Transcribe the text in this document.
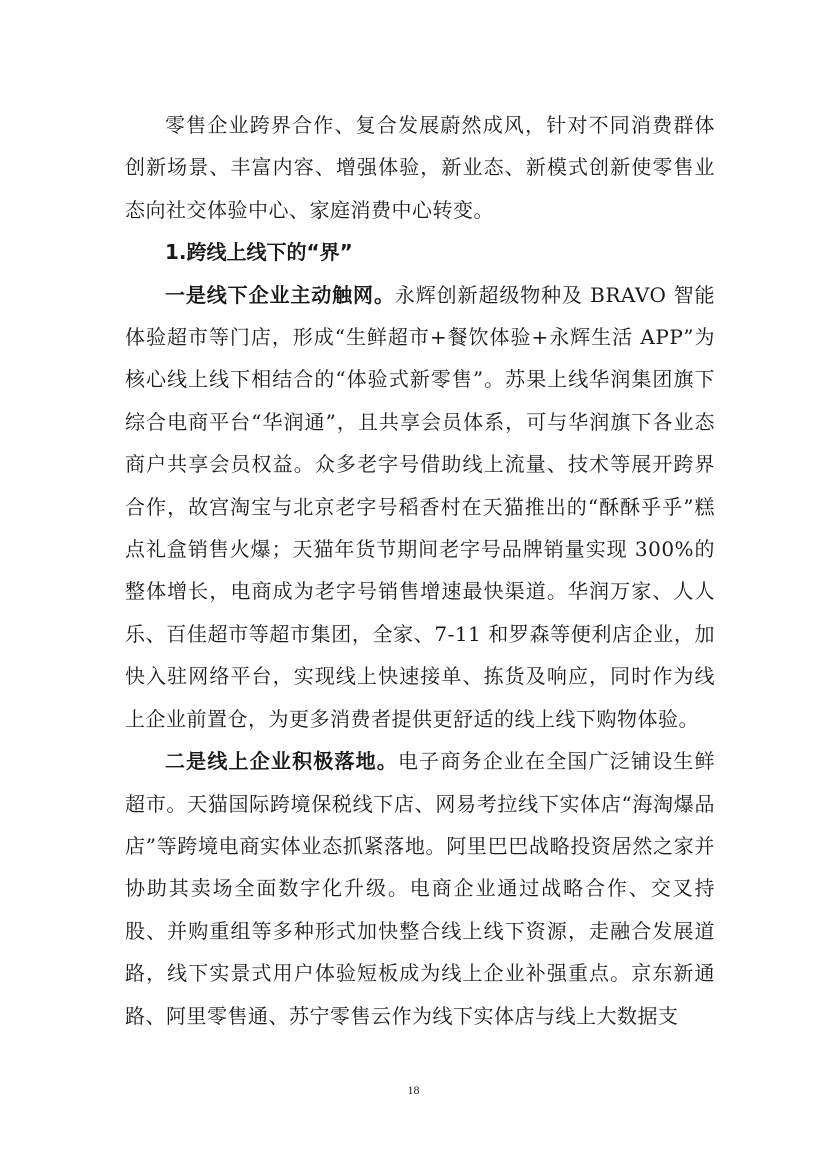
零售企业跨界合作、复合发展蔚然成风，针对不同消费群体创新场景、丰富内容、增强体验，新业态、新模式创新使零售业态向社交体验中心、家庭消费中心转变。

1.跨线上线下的“界”

一是线下企业主动触网。永辉创新超级物种及 BRAVO 智能体验超市等门店，形成“生鲜超市+餐饮体验+永辉生活 APP”为核心线上线下相结合的“体验式新零售”。苏果上线华润集团旗下综合电商平台“华润通”，且共享会员体系，可与华润旗下各业态商户共享会员权益。众多老字号借助线上流量、技术等展开跨界合作，故宫淘宝与北京老字号稻香村在天猫推出的“酥酥乎乎”糕点礼盒销售火爆；天猫年货节期间老字号品牌销量实现 300%的整体增长，电商成为老字号销售增速最快渠道。华润万家、人人乐、百佳超市等超市集团，全家、7-11 和罗森等便利店企业，加快入驻网络平台，实现线上快速接单、拣货及响应，同时作为线上企业前置仓，为更多消费者提供更舒适的线上线下购物体验。

二是线上企业积极落地。电子商务企业在全国广泛铺设生鲜超市。天猫国际跨境保税线下店、网易考拉线下实体店“海淘爆品店”等跨境电商实体业态抓紧落地。阿里巴巴战略投资居然之家并协助其卖场全面数字化升级。电商企业通过战略合作、交叉持股、并购重组等多种形式加快整合线上线下资源，走融合发展道路，线下实景式用户体验短板成为线上企业补强重点。京东新通路、阿里零售通、苏宁零售云作为线下实体店与线上大数据支

18
